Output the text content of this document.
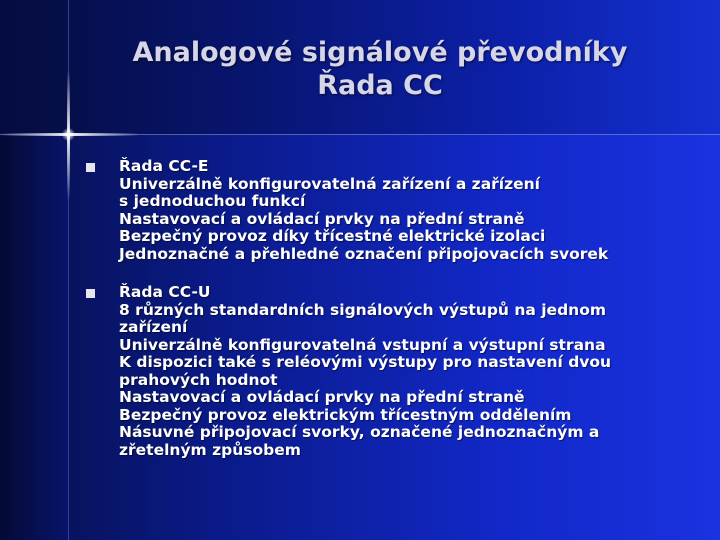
Analogové signálové převodníky
Řada CC
Řada CC-E
Univerzálně konfigurovatelná zařízení a zařízení
s jednoduchou funkcí
Nastavovací a ovládací prvky na přední straně
Bezpečný provoz díky třícestné elektrické izolaci
Jednoznačné a přehledné označení připojovacích svorek
Řada CC-U
8 různých standardních signálových výstupů na jednom
zařízení
Univerzálně konfigurovatelná vstupní a výstupní strana
K dispozici také s reléovými výstupy pro nastavení dvou
prahových hodnot
Nastavovací a ovládací prvky na přední straně
Bezpečný provoz elektrickým třícestným oddělením
Násuvné připojovací svorky, označené jednoznačným a
zřetelným způsobem
